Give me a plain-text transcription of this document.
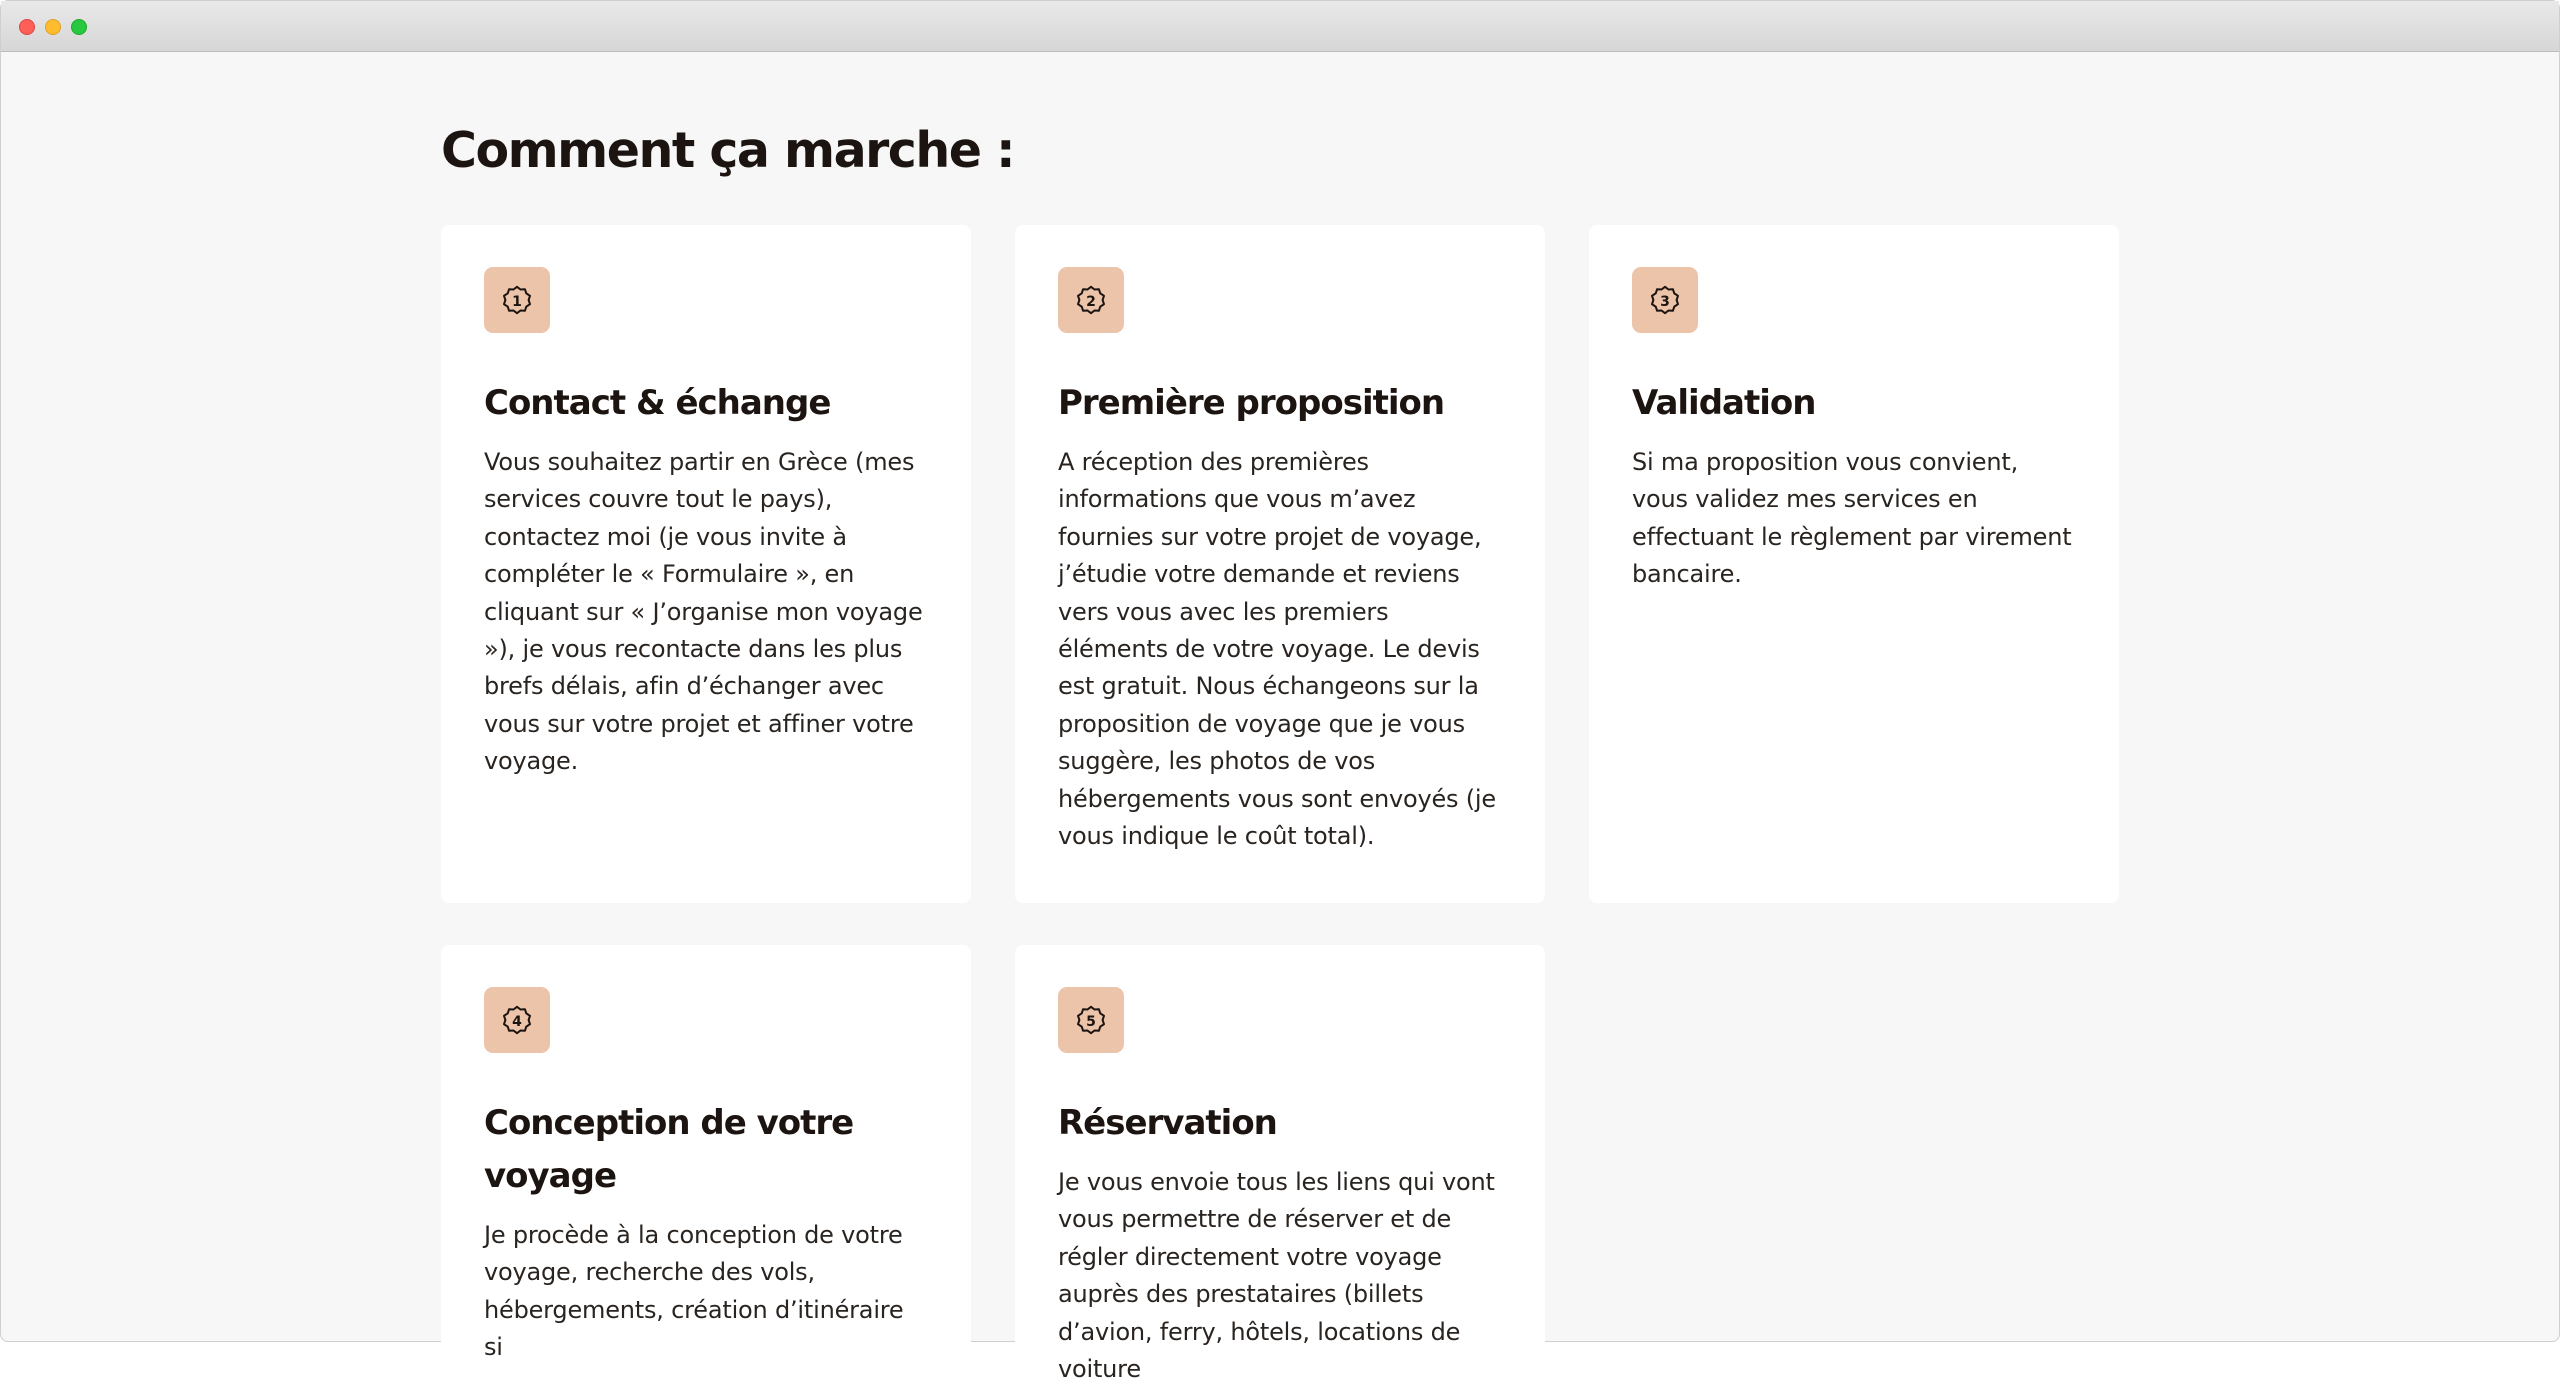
Comment ça marche :
1
Contact & échange

Vous souhaitez partir en Grèce (mes services couvre tout le pays), contactez moi (je vous invite à compléter le « Formulaire », en cliquant sur « J’organise mon voyage »), je vous recontacte dans les plus brefs délais, afin d’échanger avec vous sur votre projet et affiner votre voyage.

2
Première proposition

A réception des premières informations que vous m’avez fournies sur votre projet de voyage, j’étudie votre demande et reviens vers vous avec les premiers éléments de votre voyage. Le devis est gratuit. Nous échangeons sur la proposition de voyage que je vous suggère, les photos de vos hébergements vous sont envoyés (je vous indique le coût total).

3
Validation

Si ma proposition vous convient, vous validez mes services en effectuant le règlement par virement bancaire.

4
Conception de votre voyage

Je procède à la conception de votre voyage, recherche des vols, hébergements, création d’itinéraire si

5
Réservation

Je vous envoie tous les liens qui vont vous permettre de réserver et de régler directement votre voyage auprès des prestataires (billets d’avion, ferry, hôtels, locations de voiture
